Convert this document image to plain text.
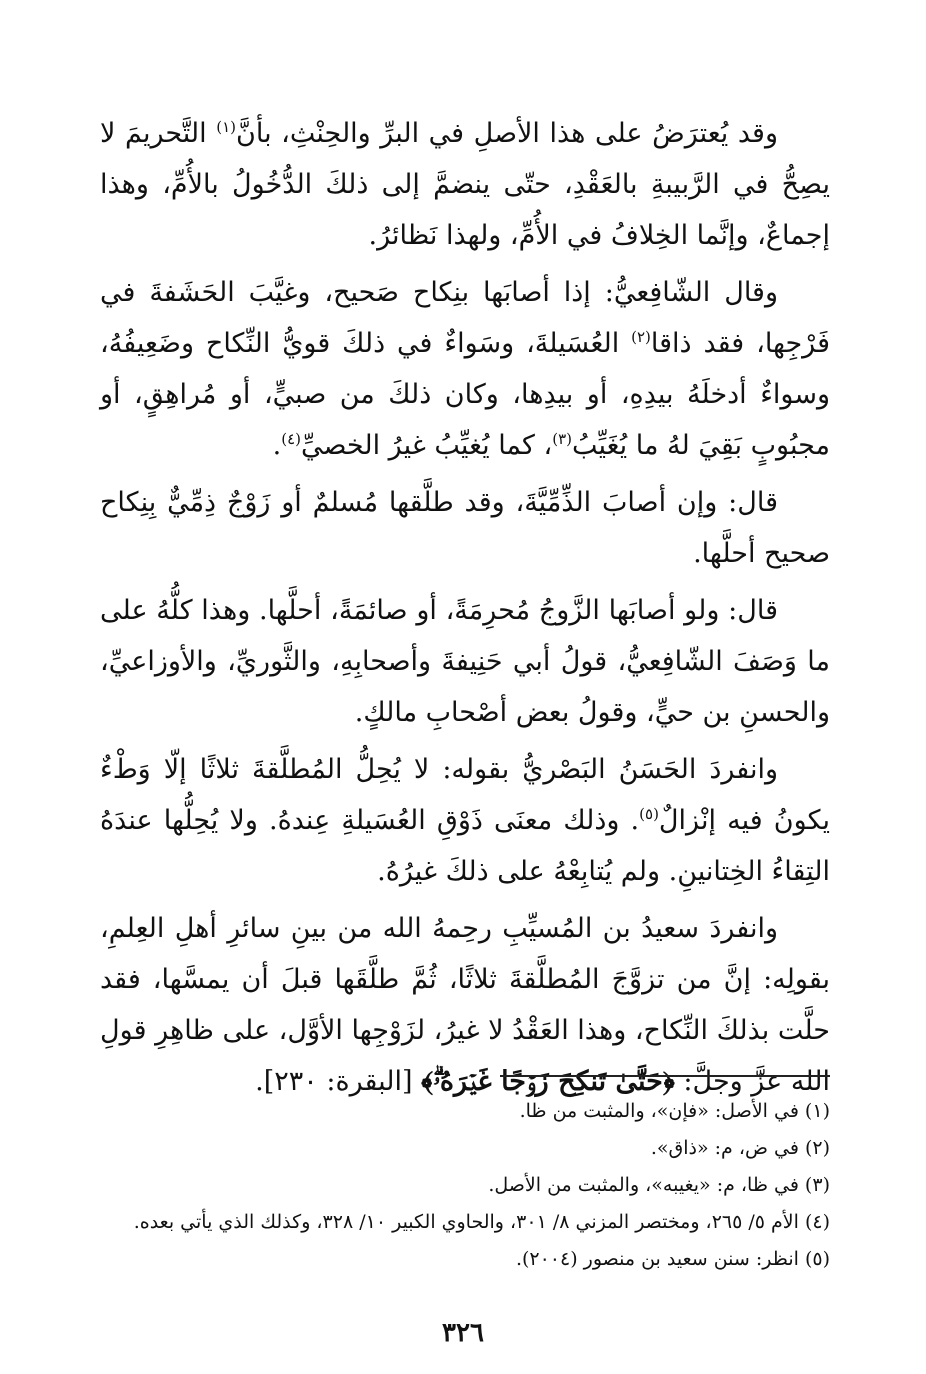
وقد يُعترَضُ على هذا الأصلِ في البرِّ والحِنْثِ، بأنَّ$^{(١)}$ التَّحريمَ لا يصِحُّ في الرَّبيبةِ بالعَقْدِ، حتّى ينضمَّ إلى ذلكَ الدُّخُولُ بالأُمِّ، وهذا إجماعٌ، وإنَّما الخِلافُ في الأُمِّ، ولهذا نَظائرُ.

وقال الشّافِعيُّ: إذا أصابَها بنِكاح صَحيح، وغيَّبَ الحَشَفةَ في فَرْجِها، فقد ذاقا$^{(٢)}$ العُسَيلةَ، وسَواءٌ في ذلكَ قويُّ النِّكاح وضَعِيفُهُ، وسواءٌ أدخلَهُ بيدِهِ، أو بيدِها، وكان ذلكَ من صبيٍّ، أو مُراهِقٍ، أو مجبُوبٍ بَقِيَ لهُ ما يُغَيِّبُ$^{(٣)}$، كما يُغيِّبُ غيرُ الخصيِّ$^{(٤)}$.

قال: وإن أصابَ الذِّمِّيَّةَ، وقد طلَّقها مُسلمٌ أو زَوْجٌ ذِمِّيٌّ بِنِكاح صحيح أحلَّها.

قال: ولو أصابَها الزَّوجُ مُحرِمَةً، أو صائمَةً، أحلَّها. وهذا كلُّهُ على ما وَصَفَ الشّافِعيُّ، قولُ أبي حَنِيفةَ وأصحابِهِ، والثَّوريِّ، والأوزاعيِّ، والحسنِ بن حيٍّ، وقولُ بعض أصْحابِ مالكٍ.

وانفردَ الحَسَنُ البَصْريُّ بقوله: لا يُحِلُّ المُطلَّقةَ ثلاثًا إلّا وَطْءٌ يكونُ فيه إنْزالٌ$^{(٥)}$. وذلك معنَى ذَوْقِ العُسَيلةِ عِندهُ. ولا يُحِلُّها عندَهُ التِقاءُ الخِتانينِ. ولم يُتابِعْهُ على ذلكَ غيرُهُ.

وانفردَ سعيدُ بن المُسيِّبِ رحِمهُ الله من بينِ سائرِ أهلِ العِلمِ، بقولِه: إنَّ من تزوَّجَ المُطلَّقةَ ثلاثًا، ثُمَّ طلَّقَها قبلَ أن يمسَّها، فقد حلَّت بذلكَ النِّكاح، وهذا العَقْدُ لا غيرُ، لزَوْجِها الأوَّل، على ظاهِرِ قولِ الله عزَّ وجلَّ: ﴿حَتَّىٰ تَنكِحَ زَوۡجًا غَيۡرَهُۥۗ﴾ [البقرة: ٢٣٠].

(١) في الأصل: «فإن»، والمثبت من ظا.

(٢) في ض، م: «ذاق».

(٣) في ظا، م: «يغيبه»، والمثبت من الأصل.

(٤) الأم ٥/ ٢٦٥، ومختصر المزني ٨/ ٣٠١، والحاوي الكبير ١٠/ ٣٢٨، وكذلك الذي يأتي بعده.

(٥) انظر: سنن سعيد بن منصور (٢٠٠٤).

٣٢٦
